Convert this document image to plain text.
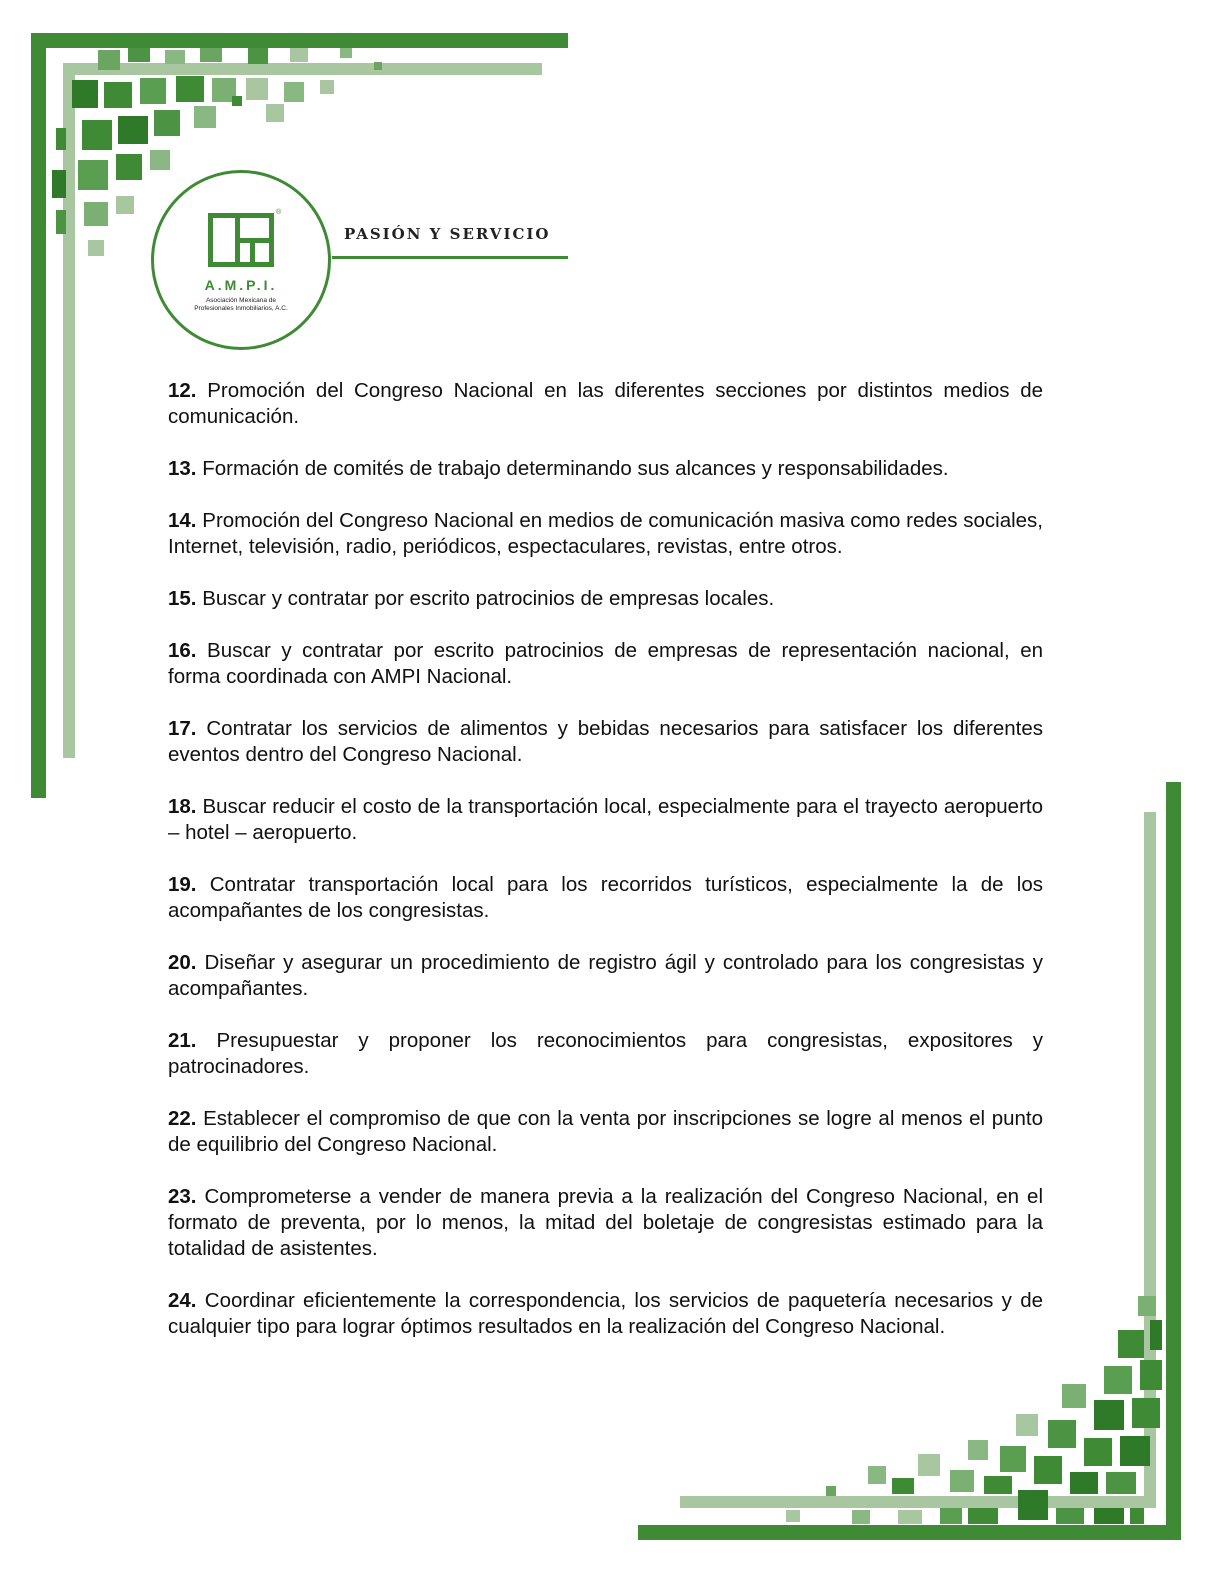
®
A.M.P.I.
Asociación Mexicana de
Profesionales Inmobiliarios, A.C.
PASIÓN Y SERVICIO

12. Promoción del Congreso Nacional en las diferentes secciones por distintos medios de comunicación.

13. Formación de comités de trabajo determinando sus alcances y responsabilidades.

14. Promoción del Congreso Nacional en medios de comunicación masiva como redes sociales, Internet, televisión, radio, periódicos, espectaculares, revistas, entre otros.

15. Buscar y contratar por escrito patrocinios de empresas locales.

16. Buscar y contratar por escrito patrocinios de empresas de representación nacional, en forma coordinada con AMPI Nacional.

17. Contratar los servicios de alimentos y bebidas necesarios para satisfacer los diferentes eventos dentro del Congreso Nacional.

18. Buscar reducir el costo de la transportación local, especialmente para el trayecto aeropuerto – hotel – aeropuerto.

19. Contratar transportación local para los recorridos turísticos, especialmente la de los acompañantes de los congresistas.

20. Diseñar y asegurar un procedimiento de registro ágil y controlado para los congresistas y acompañantes.

21. Presupuestar y proponer los reconocimientos para congresistas, expositores y patrocinadores.

22. Establecer el compromiso de que con la venta por inscripciones se logre al menos el punto de equilibrio del Congreso Nacional.

23. Comprometerse a vender de manera previa a la realización del Congreso Nacional, en el formato de preventa, por lo menos, la mitad del boletaje de congresistas estimado para la totalidad de asistentes.

24. Coordinar eficientemente la correspondencia, los servicios de paquetería necesarios y de cualquier tipo para lograr óptimos resultados en la realización del Congreso Nacional.
